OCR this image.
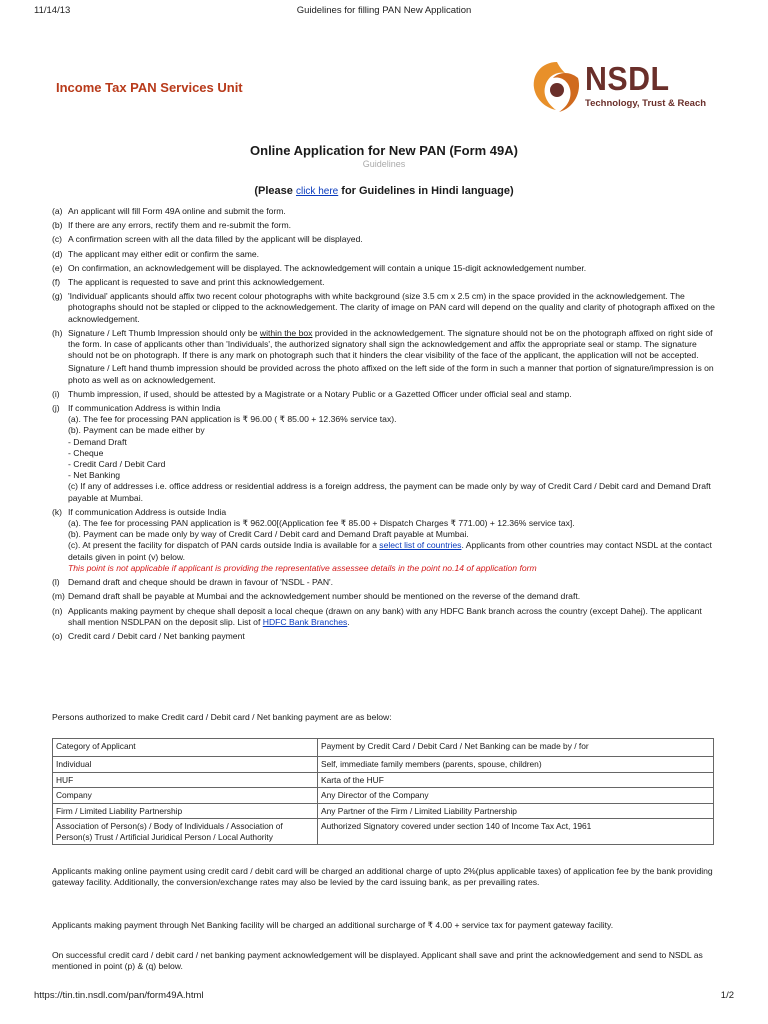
11/14/13	Guidelines for filling PAN New Application
Income Tax PAN Services Unit	NSDL
Technology, Trust & Reach
Online Application for New PAN (Form 49A)
Guidelines
(Please click here for Guidelines in Hindi language)
(a) An applicant will fill Form 49A online and submit the form.

(b) If there are any errors, rectify them and re-submit the form.

(c) A confirmation screen with all the data filled by the applicant will be displayed.

(d) The applicant may either edit or confirm the same.

(e) On confirmation, an acknowledgement will be displayed. The acknowledgement will contain a unique 15-digit acknowledgement number.

(f) The applicant is requested to save and print this acknowledgement.

(g) 'Individual' applicants should affix two recent colour photographs with white background (size 3.5 cm x 2.5 cm) in the space provided in the acknowledgement. The photographs should not be stapled or clipped to the acknowledgement. The clarity of image on PAN card will depend on the quality and clarity of photograph affixed on the acknowledgement.

(h) Signature / Left Thumb Impression should only be within the box provided in the acknowledgement. The signature should not be on the photograph affixed on right side of the form. In case of applicants other than 'Individuals', the authorized signatory shall sign the acknowledgement and affix the appropriate seal or stamp. The signature should not be on photograph. If there is any mark on photograph such that it hinders the clear visibility of the face of the applicant, the application will not be accepted.

Signature / Left hand thumb impression should be provided across the photo affixed on the left side of the form in such a manner that portion of signature/impression is on photo as well as on acknowledgement.

(i) Thumb impression, if used, should be attested by a Magistrate or a Notary Public or a Gazetted Officer under official seal and stamp.

(j) If communication Address is within India

(a). The fee for processing PAN application is ₹ 96.00 ( ₹ 85.00 + 12.36% service tax).

(b). Payment can be made either by

- Demand Draft

- Cheque

- Credit Card / Debit Card

- Net Banking

(c) If any of addresses i.e. office address or residential address is a foreign address, the payment can be made only by way of Credit Card / Debit card and Demand Draft payable at Mumbai.

(k) If communication Address is outside India

(a). The fee for processing PAN application is ₹ 962.00[(Application fee ₹ 85.00 + Dispatch Charges ₹ 771.00) + 12.36% service tax].

(b). Payment can be made only by way of Credit Card / Debit card and Demand Draft payable at Mumbai.

(c). At present the facility for dispatch of PAN cards outside India is available for a select list of countries. Applicants from other countries may contact NSDL at the contact details given in point (v) below.

This point is not applicable if applicant is providing the representative assessee details in the point no.14 of application form

(l) Demand draft and cheque should be drawn in favour of 'NSDL - PAN'.

(m) Demand draft shall be payable at Mumbai and the acknowledgement number should be mentioned on the reverse of the demand draft.

(n) Applicants making payment by cheque shall deposit a local cheque (drawn on any bank) with any HDFC Bank branch across the country (except Dahej). The applicant shall mention NSDLPAN on the deposit slip. List of HDFC Bank Branches.

(o) Credit card / Debit card / Net banking payment

Persons authorized to make Credit card / Debit card / Net banking payment are as below:
Category of Applicant	Payment by Credit Card / Debit Card / Net Banking can be made by / for
Individual	Self, immediate family members (parents, spouse, children)
HUF	Karta of the HUF
Company	Any Director of the Company
Firm / Limited Liability Partnership	Any Partner of the Firm / Limited Liability Partnership
Association of Person(s) / Body of Individuals / Association of Person(s) Trust / Artificial Juridical Person / Local Authority	Authorized Signatory covered under section 140 of Income Tax Act, 1961

Applicants making online payment using credit card / debit card will be charged an additional charge of upto 2%(plus applicable taxes) of application fee by the bank providing gateway facility. Additionally, the conversion/exchange rates may also be levied by the card issuing bank, as per prevailing rates.

Applicants making payment through Net Banking facility will be charged an additional surcharge of ₹ 4.00 + service tax for payment gateway facility.

On successful credit card / debit card / net banking payment acknowledgement will be displayed. Applicant shall save and print the acknowledgement and send to NSDL as mentioned in point (p) & (q) below.

https://tin.tin.nsdl.com/pan/form49A.html	1/2
